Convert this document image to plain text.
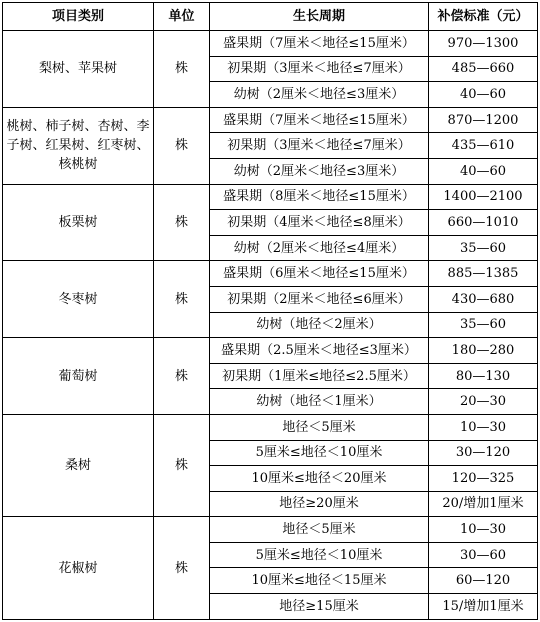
项目类别	单位	生长周期	补偿标准（元）
梨树、苹果树	株	盛果期（7厘米＜地径≤15厘米）	970—1300
		初果期（3厘米＜地径≤7厘米）	485—660
		幼树（2厘米＜地径≤3厘米）	40—60
桃树、柿子树、杏树、李子树、红果树、红枣树、核桃树	株	盛果期（7厘米＜地径≤15厘米）	870—1200
		初果期（3厘米＜地径≤7厘米）	435—610
		幼树（2厘米＜地径≤3厘米）	40—60
板栗树	株	盛果期（8厘米＜地径≤15厘米）	1400—2100
		初果期（4厘米＜地径≤8厘米）	660—1010
		幼树（2厘米＜地径≤4厘米）	35—60
冬枣树	株	盛果期（6厘米＜地径≤15厘米）	885—1385
		初果期（2厘米＜地径≤6厘米）	430—680
		幼树（地径＜2厘米）	35—60
葡萄树	株	盛果期（2.5厘米＜地径≤3厘米）	180—280
		初果期（1厘米≤地径≤2.5厘米）	80—130
		幼树（地径＜1厘米）	20—30
桑树	株	地径＜5厘米	10—30
		5厘米≤地径＜10厘米	30—120
		10厘米≤地径＜20厘米	120—325
		地径≥20厘米	20/增加1厘米
花椒树	株	地径＜5厘米	10—30
		5厘米≤地径＜10厘米	30—60
		10厘米≤地径＜15厘米	60—120
		地径≥15厘米	15/增加1厘米
